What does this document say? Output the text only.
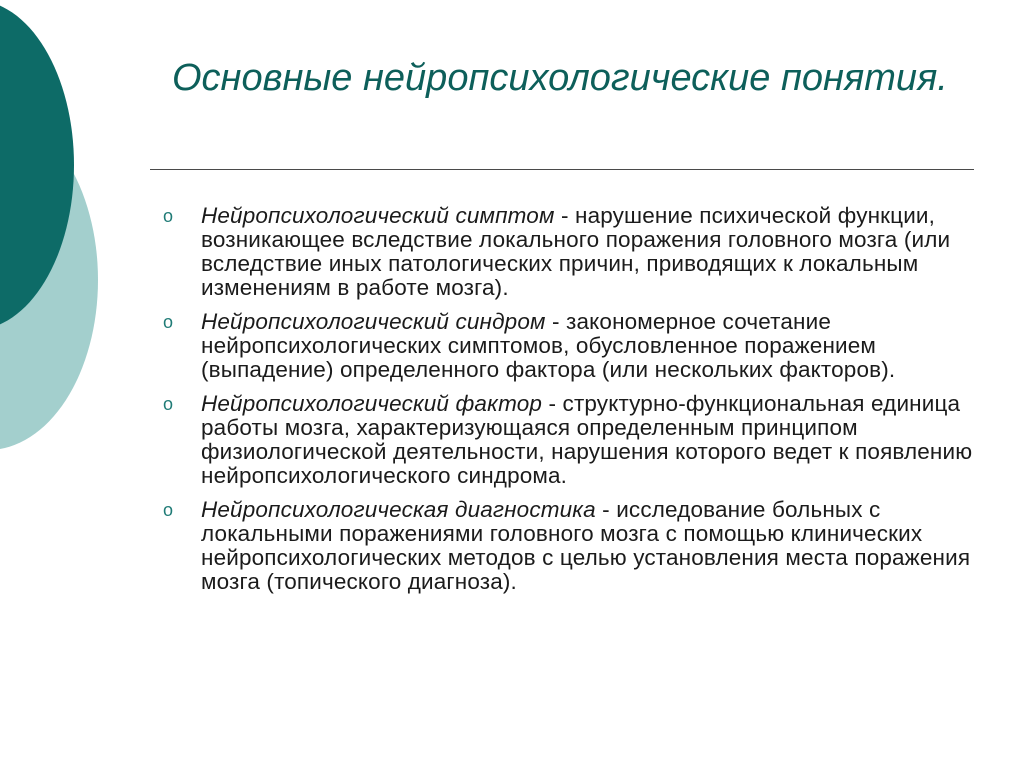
Основные нейропсихологические понятия.
o Нейропсихологический симптом - нарушение психической функции, возникающее вследствие локального поражения головного мозга (или вследствие иных патологических причин, приводящих к локальным изменениям в работе мозга).
o Нейропсихологический синдром - закономерное сочетание нейропсихологических симптомов, обусловленное поражением (выпадение) определенного фактора (или нескольких факторов).
o Нейропсихологический фактор - структурно-функциональная единица работы мозга, характеризующаяся определенным принципом физиологической деятельности, нарушения которого ведет к появлению нейропсихологического синдрома.
o Нейропсихологическая диагностика - исследование больных с локальными поражениями головного мозга с помощью клинических нейропсихологических методов с целью установления места поражения мозга (топического диагноза).
